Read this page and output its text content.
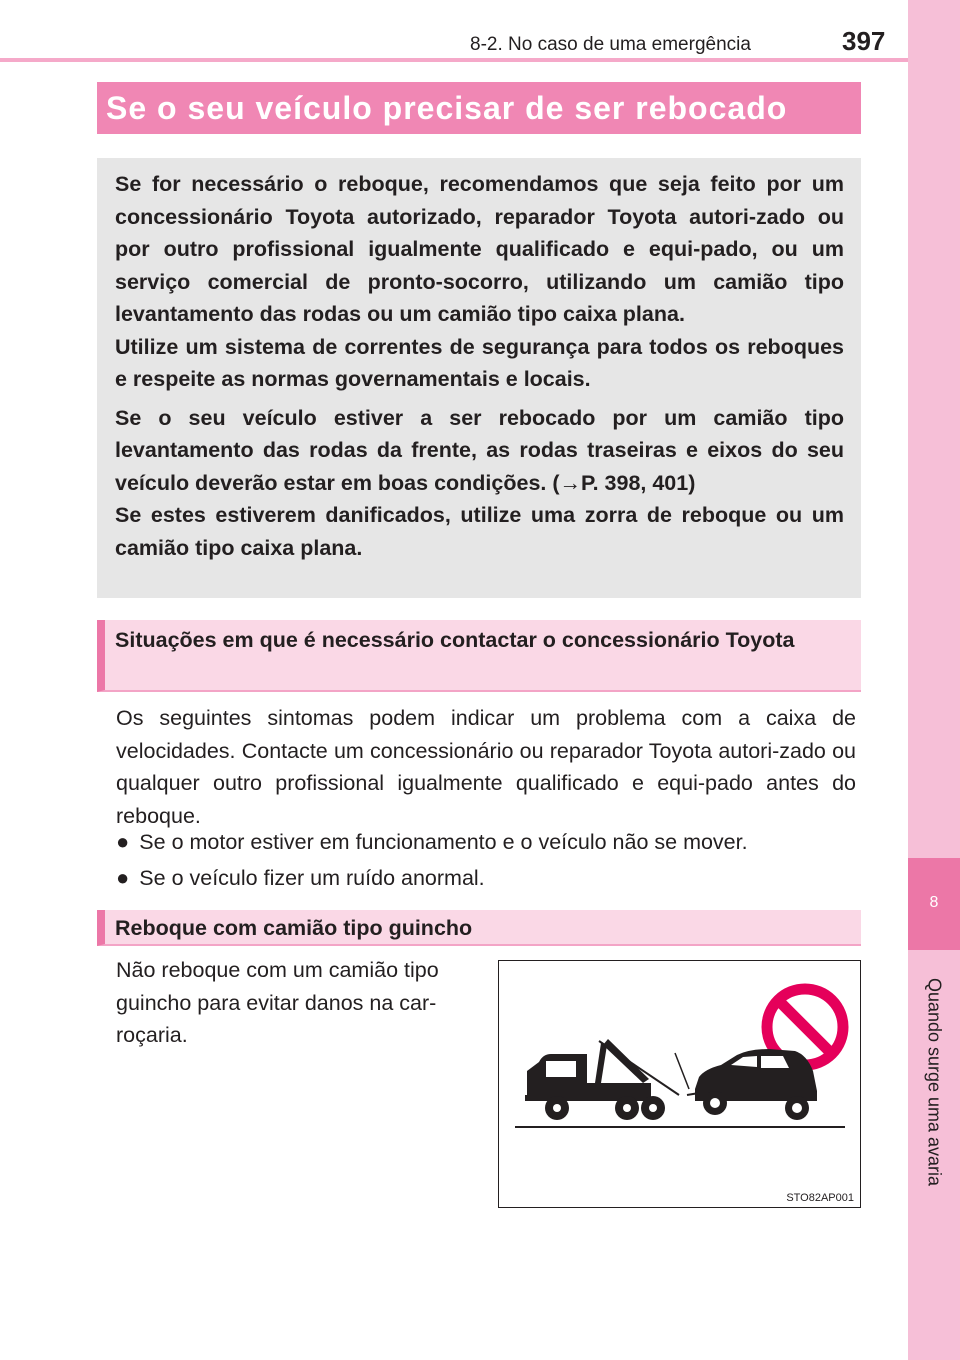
8
Quando surge uma avaria
8-2. No caso de uma emergência	397
Se o seu veículo precisar de ser rebocado

Se for necessário o reboque, recomendamos que seja feito por um concessionário Toyota autorizado, reparador Toyota autori-zado ou por outro profissional igualmente qualificado e equi-pado, ou um serviço comercial de pronto-socorro, utilizando um camião tipo levantamento das rodas ou um camião tipo caixa plana.

Utilize um sistema de correntes de segurança para todos os reboques e respeite as normas governamentais e locais.

Se o seu veículo estiver a ser rebocado por um camião tipo levantamento das rodas da frente, as rodas traseiras e eixos do seu veículo deverão estar em boas condições. (→P. 398, 401)

Se estes estiverem danificados, utilize uma zorra de reboque ou um camião tipo caixa plana.

Situações em que é necessário contactar o concessionário Toyota
Os seguintes sintomas podem indicar um problema com a caixa de velocidades. Contacte um concessionário ou reparador Toyota autori-zado ou qualquer outro profissional igualmente qualificado e equi-pado antes do reboque.
● Se o motor estiver em funcionamento e o veículo não se mover.
● Se o veículo fizer um ruído anormal.
Reboque com camião tipo guincho
Não reboque com um camião tipo guincho para evitar danos na car-roçaria.
STO82AP001
